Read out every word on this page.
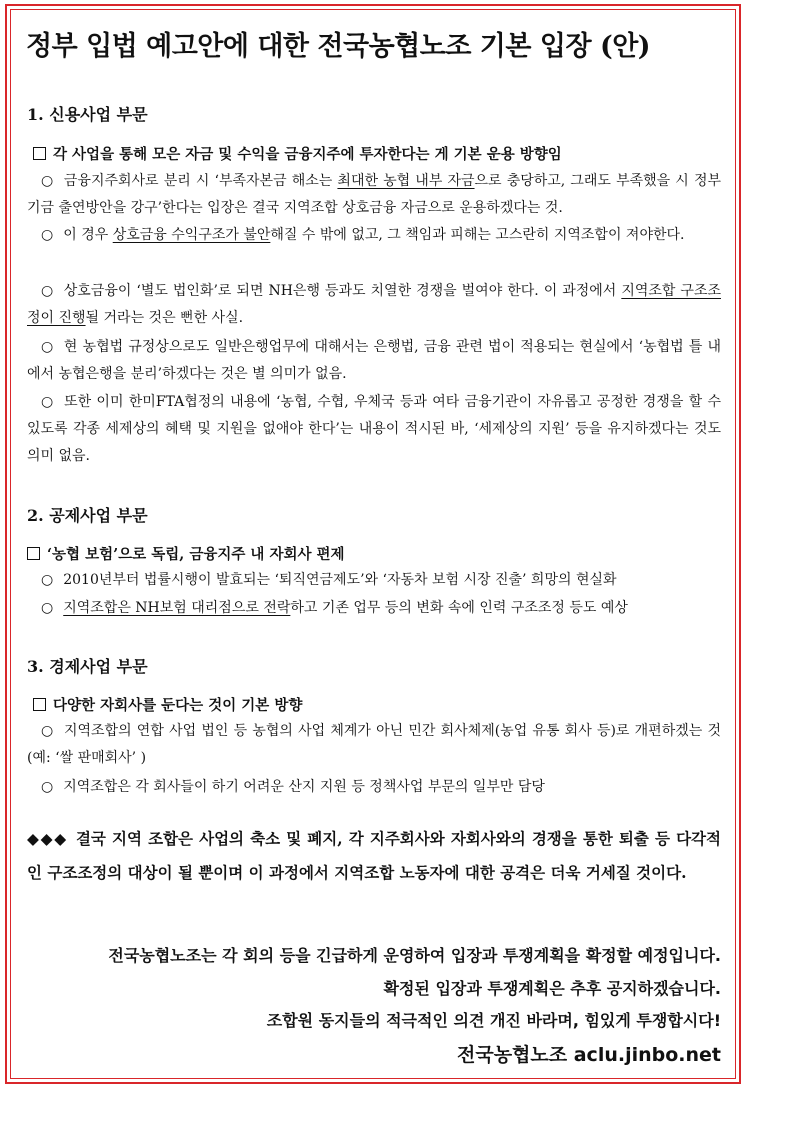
정부 입법 예고안에 대한 전국농협노조 기본 입장 (안)
1. 신용사업 부문
각 사업을 통해 모은 자금 및 수익을 금융지주에 투자한다는 게 기본 운용 방향임
○ 금융지주회사로 분리 시 ‘부족자본금 해소는 최대한 농협 내부 자금으로 충당하고, 그래도 부족했을 시 정부 기금 출연방안을 강구’한다는 입장은 결국 지역조합 상호금융 자금으로 운용하겠다는 것.
○ 이 경우 상호금융 수익구조가 불안해질 수 밖에 없고, 그 책임과 피해는 고스란히 지역조합이 져야한다.
○ 상호금융이 ‘별도 법인화’로 되면 NH은행 등과도 치열한 경쟁을 벌여야 한다. 이 과정에서 지역조합 구조조정이 진행될 거라는 것은 뻔한 사실.
○ 현 농협법 규정상으로도 일반은행업무에 대해서는 은행법, 금융 관련 법이 적용되는 현실에서 ‘농협법 틀 내에서 농협은행을 분리’하겠다는 것은 별 의미가 없음.
○ 또한 이미 한미FTA협정의 내용에 ‘농협, 수협, 우체국 등과 여타 금융기관이 자유롭고 공정한 경쟁을 할 수 있도록 각종 세제상의 혜택 및 지원을 없애야 한다’는 내용이 적시된 바, ‘세제상의 지원’ 등을 유지하겠다는 것도 의미 없음.
2. 공제사업 부문
‘농협 보험’으로 독립, 금융지주 내 자회사 편제
○ 2010년부터 법률시행이 발효되는 ‘퇴직연금제도’와 ‘자동차 보험 시장 진출’ 희망의 현실화
○ 지역조합은 NH보험 대리점으로 전락하고 기존 업무 등의 변화 속에 인력 구조조정 등도 예상
3. 경제사업 부문
다양한 자회사를 둔다는 것이 기본 방향
○ 지역조합의 연합 사업 법인 등 농협의 사업 체계가 아닌 민간 회사체제(농업 유통 회사 등)로 개편하겠는 것(예: ‘쌀 판매회사’ )
○ 지역조합은 각 회사들이 하기 어려운 산지 지원 등 정책사업 부문의 일부만 담당
◆◆◆ 결국 지역 조합은 사업의 축소 및 폐지, 각 지주회사와 자회사와의 경쟁을 통한 퇴출 등 다각적인 구조조정의 대상이 될 뿐이며 이 과정에서 지역조합 노동자에 대한 공격은 더욱 거세질 것이다.
전국농협노조는 각 회의 등을 긴급하게 운영하여 입장과 투쟁계획을 확정할 예정입니다.
확정된 입장과 투쟁계획은 추후 공지하겠습니다.
조합원 동지들의 적극적인 의견 개진 바라며, 힘있게 투쟁합시다!
전국농협노조 aclu.jinbo.net
